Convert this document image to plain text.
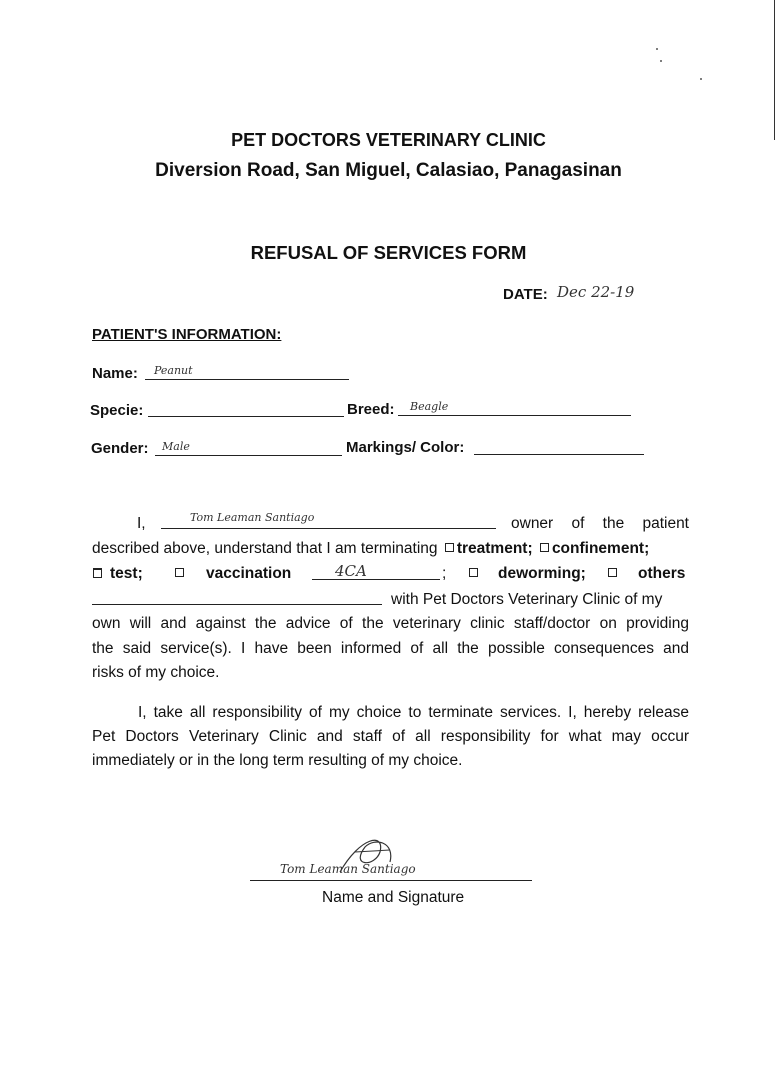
PET DOCTORS VETERINARY CLINIC
Diversion Road, San Miguel, Calasiao, Panagasinan
REFUSAL OF SERVICES FORM
DATE: Dec 22-19
PATIENT'S INFORMATION:
Name: Peanut
Specie:	Breed: Beagle
Gender: Male	Markings/ Color:
I,	Tom Leaman Santiago	owner of the patient
described above, understand that I am terminating treatment; confinement;
test;	vaccination	4CA	;	deworming;	others
with Pet Doctors Veterinary Clinic of my
own will and against the advice of the veterinary clinic staff/doctor on providing
the said service(s). I have been informed of all the possible consequences and
risks of my choice.
I, take all responsibility of my choice to terminate services. I, hereby release
Pet Doctors Veterinary Clinic and staff of all responsibility for what may occur
immediately or in the long term resulting of my choice.
Tom Leaman Santiago
Name and Signature
